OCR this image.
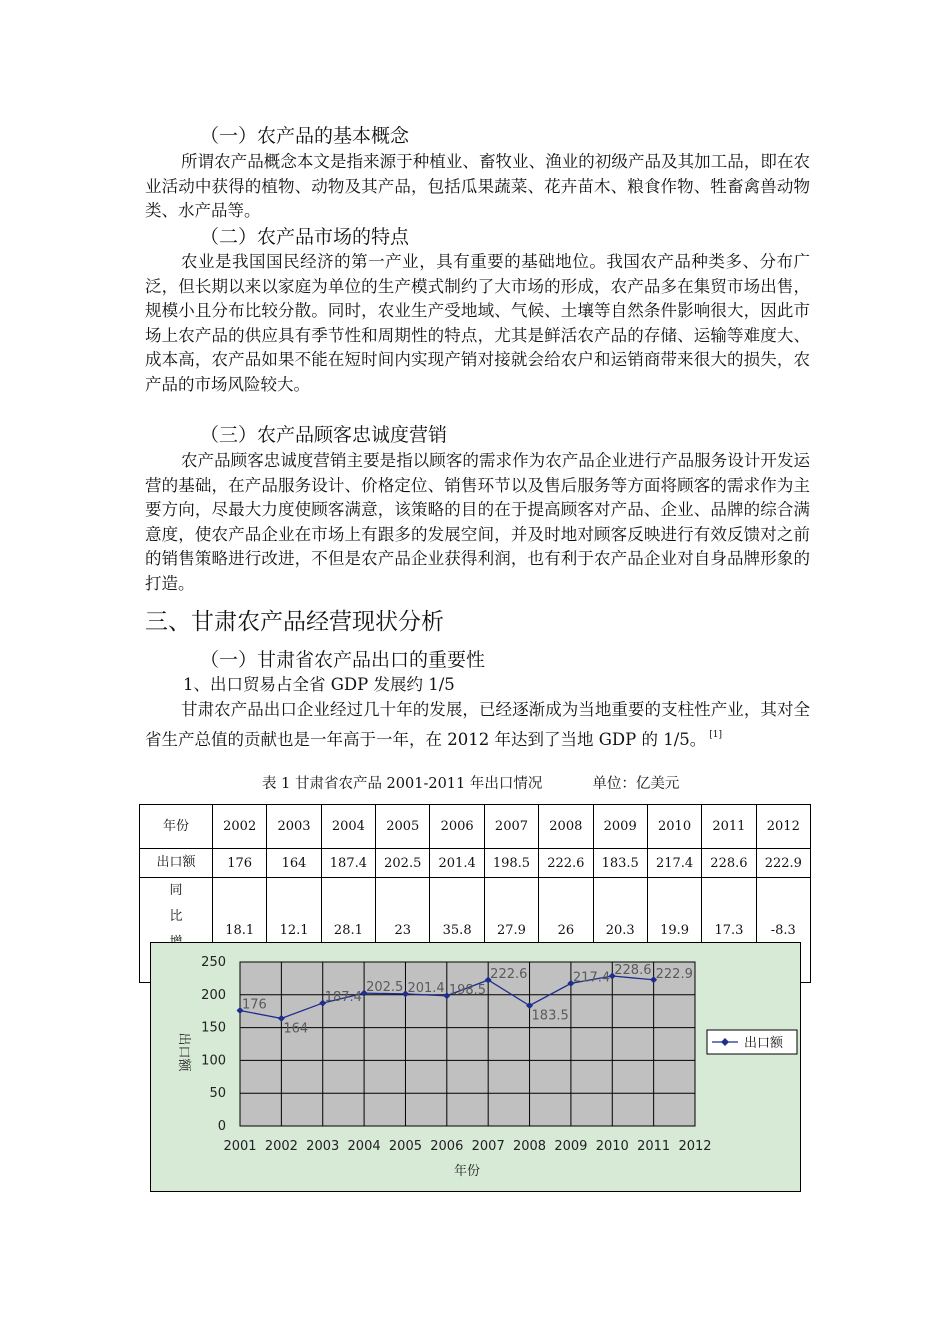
（一）农产品的基本概念

所谓农产品概念本文是指来源于种植业、畜牧业、渔业的初级产品及其加工品，即在农业活动中获得的植物、动物及其产品，包括瓜果蔬菜、花卉苗木、粮食作物、牲畜禽兽动物类、水产品等。

（二）农产品市场的特点

农业是我国国民经济的第一产业，具有重要的基础地位。我国农产品种类多、分布广泛，但长期以来以家庭为单位的生产模式制约了大市场的形成，农产品多在集贸市场出售，规模小且分布比较分散。同时，农业生产受地域、气候、土壤等自然条件影响很大，因此市场上农产品的供应具有季节性和周期性的特点，尤其是鲜活农产品的存储、运输等难度大、成本高，农产品如果不能在短时间内实现产销对接就会给农户和运销商带来很大的损失，农产品的市场风险较大。

（三）农产品顾客忠诚度营销

农产品顾客忠诚度营销主要是指以顾客的需求作为农产品企业进行产品服务设计开发运营的基础，在产品服务设计、价格定位、销售环节以及售后服务等方面将顾客的需求作为主要方向，尽最大力度使顾客满意，该策略的目的在于提高顾客对产品、企业、品牌的综合满意度，使农产品企业在市场上有跟多的发展空间，并及时地对顾客反映进行有效反馈对之前的销售策略进行改进，不但是农产品企业获得利润，也有利于农产品企业对自身品牌形象的打造。

三、甘肃农产品经营现状分析
（一）甘肃省农产品出口的重要性
1、出口贸易占全省 GDP 发展约 1/5

甘肃农产品出口企业经过几十年的发展，已经逐渐成为当地重要的支柱性产业，其对全省生产总值的贡献也是一年高于一年，在 2012 年达到了当地 GDP 的 1/5。 [1]

表 1 甘肃省农产品 2001-2011 年出口情况	单位：亿美元
年份	2002	2003	2004	2005	2006	2007	2008	2009	2010	2011	2012
出口额	176	164	187.4	202.5	201.4	198.5	222.6	183.5	217.4	228.6	222.9
同比	18.1	12.1	28.1	23	35.8	27.9	26	20.3	19.9	17.3	-8.3
0
50
100
150
200
250
2001 2002 2003 2004 2005 2006 2007 2008 2009 2010 2011 2012
176
164
187.4
202.5 201.4 198.5
222.6
183.5
217.4 228.6 222.9
出口额
年份
出口额
